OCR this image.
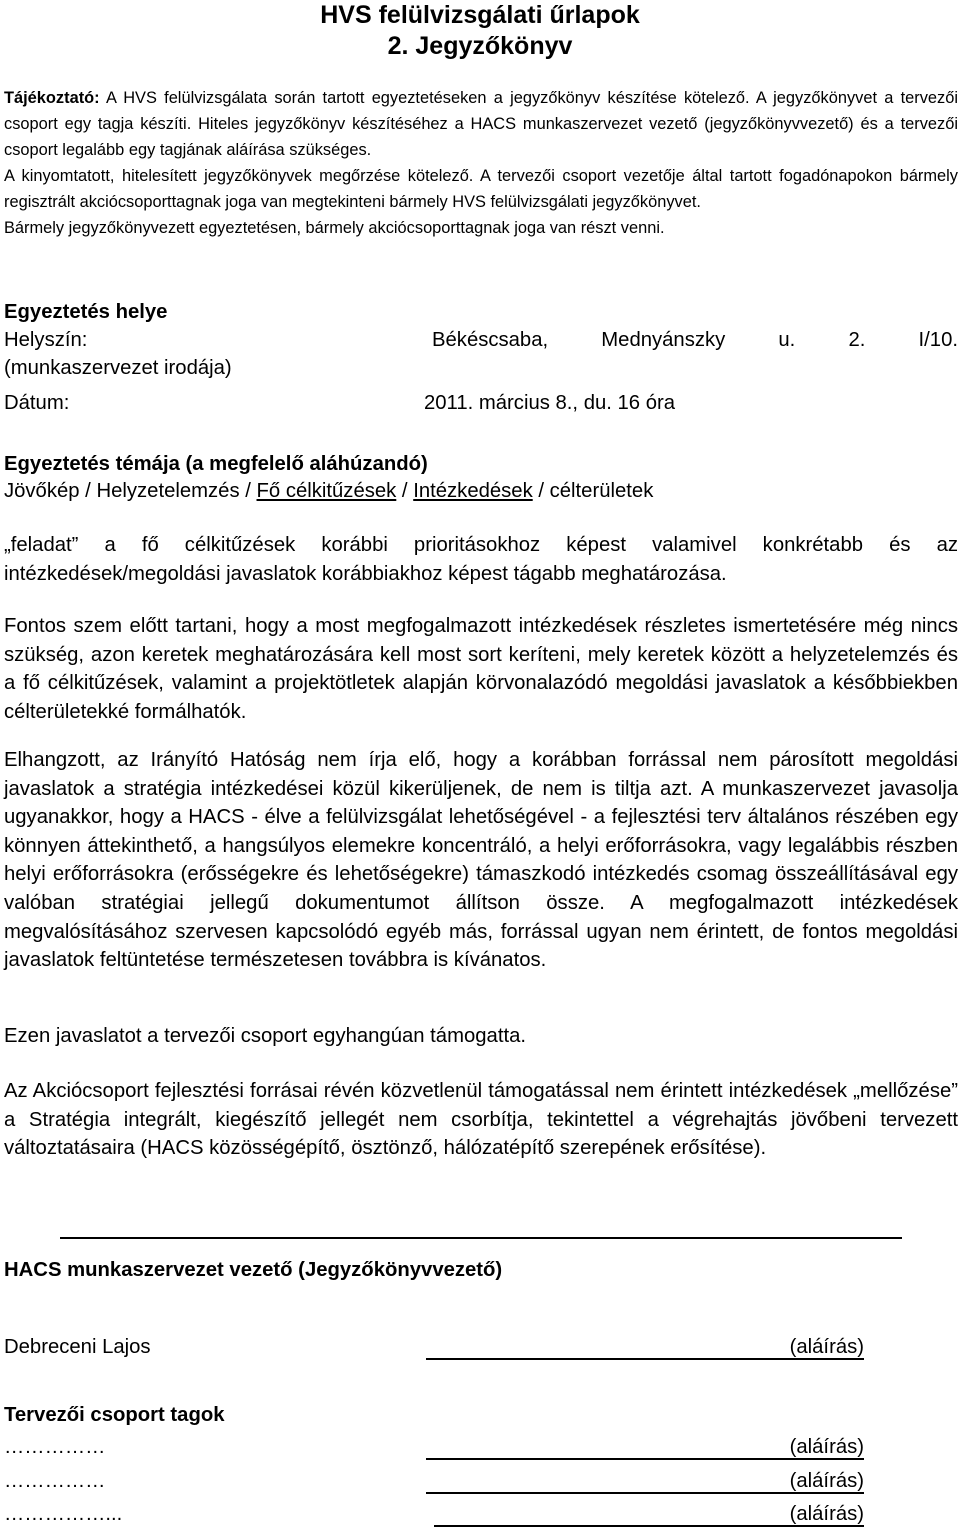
HVS felülvizsgálati űrlapok
2. Jegyzőkönyv

Tájékoztató: A HVS felülvizsgálata során tartott egyeztetéseken a jegyzőkönyv készítése kötelező. A jegyzőkönyvet a tervezői csoport egy tagja készíti. Hiteles jegyzőkönyv készítéséhez a HACS munkaszervezet vezető (jegyzőkönyvvezető) és a tervezői csoport legalább egy tagjának aláírása szükséges.

A kinyomtatott, hitelesített jegyzőkönyvek megőrzése kötelező. A tervezői csoport vezetője által tartott fogadónapokon bármely regisztrált akciócsoporttagnak joga van megtekinteni bármely HVS felülvizsgálati jegyzőkönyvet.

Bármely jegyzőkönyvezett egyeztetésen, bármely akciócsoporttagnak joga van részt venni.

Egyeztetés helye
Helyszín:	Békéscsaba,	Mednyánszky	u.	2.	I/10.
(munkaszervezet irodája)
Dátum:	2011. március 8., du. 16 óra
Egyeztetés témája (a megfelelő aláhúzandó)
Jövőkép / Helyzetelemzés / Fő célkitűzések / Intézkedések / célterületek

„feladat” a fő célkitűzések korábbi prioritásokhoz képest valamivel konkrétabb és az intézkedések/megoldási javaslatok korábbiakhoz képest tágabb meghatározása.

Fontos szem előtt tartani, hogy a most megfogalmazott intézkedések részletes ismertetésére még nincs szükség, azon keretek meghatározására kell most sort keríteni, mely keretek között a helyzetelemzés és a fő célkitűzések, valamint a projektötletek alapján körvonalazódó megoldási javaslatok a későbbiekben célterületekké formálhatók.

Elhangzott, az Irányító Hatóság nem írja elő, hogy a korábban forrással nem párosított megoldási javaslatok a stratégia intézkedései közül kikerüljenek, de nem is tiltja azt. A munkaszervezet javasolja ugyanakkor, hogy a HACS - élve a felülvizsgálat lehetőségével - a fejlesztési terv általános részében egy könnyen áttekinthető, a hangsúlyos elemekre koncentráló, a helyi erőforrásokra, vagy legalábbis részben helyi erőforrásokra (erősségekre és lehetőségekre) támaszkodó intézkedés csomag összeállításával egy valóban stratégiai jellegű dokumentumot állítson össze. A megfogalmazott intézkedések megvalósításához szervesen kapcsolódó egyéb más, forrással ugyan nem érintett, de fontos megoldási javaslatok feltüntetése természetesen továbbra is kívánatos.

Ezen javaslatot a tervezői csoport egyhangúan támogatta.

Az Akciócsoport fejlesztési forrásai révén közvetlenül támogatással nem érintett intézkedések „mellőzése” a Stratégia integrált, kiegészítő jellegét nem csorbítja, tekintettel a végrehajtás jövőbeni tervezett változtatásaira (HACS közösségépítő, ösztönző, hálózatépítő szerepének erősítése).

HACS munkaszervezet vezető (Jegyzőkönyvvezető)
Debreceni Lajos	(aláírás)
Tervezői csoport tagok
……………	(aláírás)
……………	(aláírás)
……………...	(aláírás)
